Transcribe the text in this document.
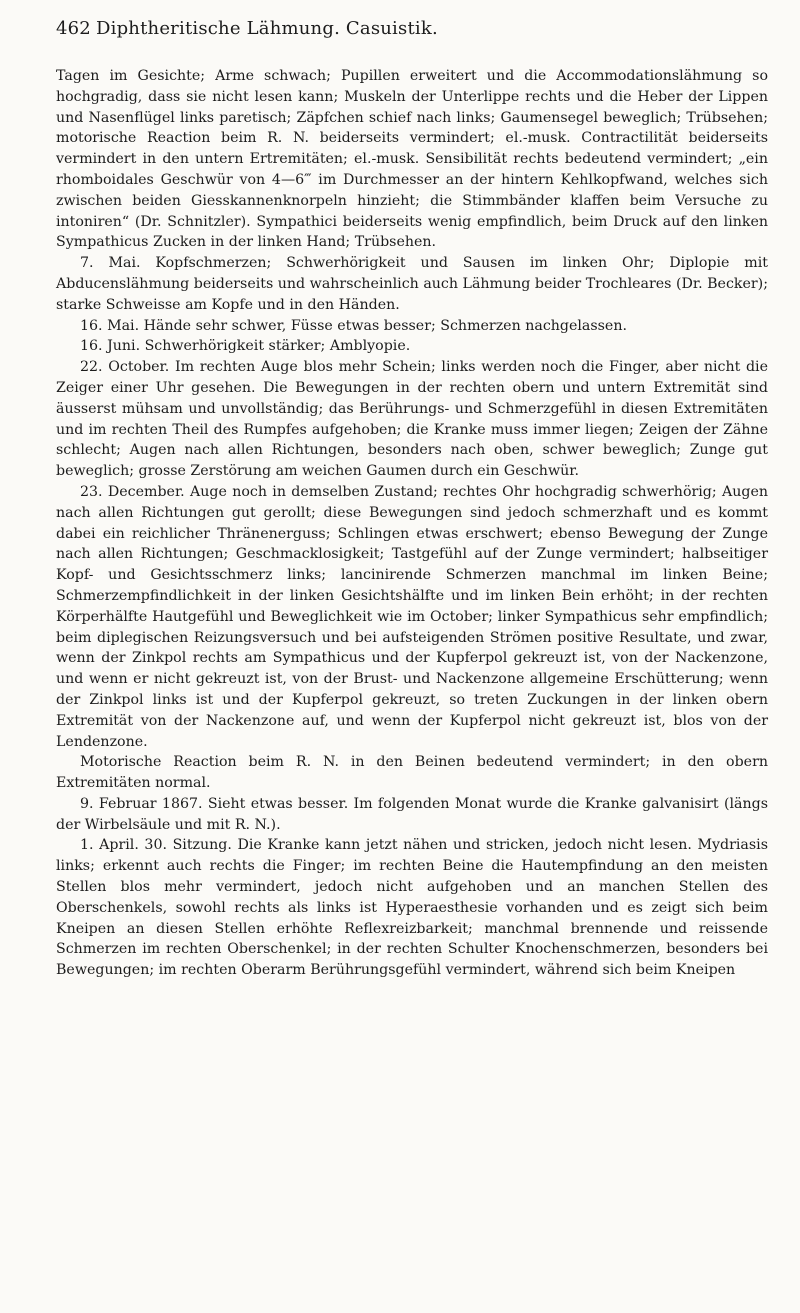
462 Diphtheritische Lähmung. Casuistik.

Tagen im Gesichte; Arme schwach; Pupillen erweitert und die Accommodationslähmung so hochgradig, dass sie nicht lesen kann; Muskeln der Unterlippe rechts und die Heber der Lippen und Nasenflügel links paretisch; Zäpfchen schief nach links; Gaumensegel beweglich; Trübsehen; motorische Reaction beim R. N. beiderseits vermindert; el.-musk. Contractilität beiderseits vermindert in den untern Ertremitäten; el.-musk. Sensibilität rechts bedeutend vermindert; „ein rhomboidales Geschwür von 4—6‴ im Durchmesser an der hintern Kehlkopfwand, welches sich zwischen beiden Giesskannenknorpeln hinzieht; die Stimmbänder klaffen beim Versuche zu intoniren“ (Dr. Schnitzler). Sympathici beiderseits wenig empfindlich, beim Druck auf den linken Sympathicus Zucken in der linken Hand; Trübsehen.

7. Mai. Kopfschmerzen; Schwerhörigkeit und Sausen im linken Ohr; Diplopie mit Abducenslähmung beiderseits und wahrscheinlich auch Lähmung beider Trochleares (Dr. Becker); starke Schweisse am Kopfe und in den Händen.

16. Mai. Hände sehr schwer, Füsse etwas besser; Schmerzen nachgelassen.

16. Juni. Schwerhörigkeit stärker; Amblyopie.

22. October. Im rechten Auge blos mehr Schein; links werden noch die Finger, aber nicht die Zeiger einer Uhr gesehen. Die Bewegungen in der rechten obern und untern Extremität sind äusserst mühsam und unvollständig; das Berührungs- und Schmerzgefühl in diesen Extremitäten und im rechten Theil des Rumpfes aufgehoben; die Kranke muss immer liegen; Zeigen der Zähne schlecht; Augen nach allen Richtungen, besonders nach oben, schwer beweglich; Zunge gut beweglich; grosse Zerstörung am weichen Gaumen durch ein Geschwür.

23. December. Auge noch in demselben Zustand; rechtes Ohr hochgradig schwerhörig; Augen nach allen Richtungen gut gerollt; diese Bewegungen sind jedoch schmerzhaft und es kommt dabei ein reichlicher Thränenerguss; Schlingen etwas erschwert; ebenso Bewegung der Zunge nach allen Richtungen; Geschmacklosigkeit; Tastgefühl auf der Zunge vermindert; halbseitiger Kopf- und Gesichtsschmerz links; lancinirende Schmerzen manchmal im linken Beine; Schmerzempfindlichkeit in der linken Gesichtshälfte und im linken Bein erhöht; in der rechten Körperhälfte Hautgefühl und Beweglichkeit wie im October; linker Sympathicus sehr empfindlich; beim diplegischen Reizungsversuch und bei aufsteigenden Strömen positive Resultate, und zwar, wenn der Zinkpol rechts am Sympathicus und der Kupferpol gekreuzt ist, von der Nackenzone, und wenn er nicht gekreuzt ist, von der Brust- und Nackenzone allgemeine Erschütterung; wenn der Zinkpol links ist und der Kupferpol gekreuzt, so treten Zuckungen in der linken obern Extremität von der Nackenzone auf, und wenn der Kupferpol nicht gekreuzt ist, blos von der Lendenzone.

Motorische Reaction beim R. N. in den Beinen bedeutend vermindert; in den obern Extremitäten normal.

9. Februar 1867. Sieht etwas besser. Im folgenden Monat wurde die Kranke galvanisirt (längs der Wirbelsäule und mit R. N.).

1. April. 30. Sitzung. Die Kranke kann jetzt nähen und stricken, jedoch nicht lesen. Mydriasis links; erkennt auch rechts die Finger; im rechten Beine die Hautempfindung an den meisten Stellen blos mehr vermindert, jedoch nicht aufgehoben und an manchen Stellen des Oberschenkels, sowohl rechts als links ist Hyperaesthesie vorhanden und es zeigt sich beim Kneipen an diesen Stellen erhöhte Reflexreizbarkeit; manchmal brennende und reissende Schmerzen im rechten Oberschenkel; in der rechten Schulter Knochenschmerzen, besonders bei Bewegungen; im rechten Oberarm Berührungsgefühl vermindert, während sich beim Kneipen
